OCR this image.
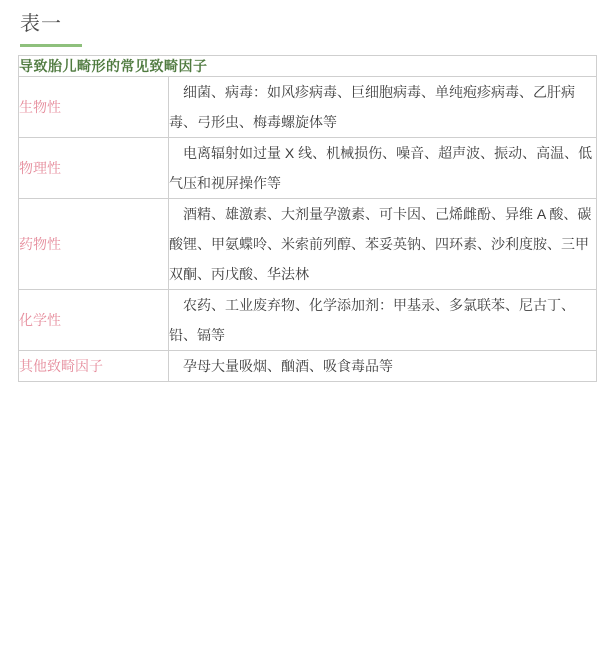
表一
导致胎儿畸形的常见致畸因子	
生物性	细菌、病毒：如风疹病毒、巨细胞病毒、单纯疱疹病毒、乙肝病毒、弓形虫、梅毒螺旋体等
物理性	电离辐射如过量 X 线、机械损伤、噪音、超声波、振动、高温、低气压和视屏操作等
药物性	酒精、雄激素、大剂量孕激素、可卡因、己烯雌酚、异维 A 酸、碳酸锂、甲氨蝶呤、米索前列醇、苯妥英钠、四环素、沙利度胺、三甲双酮、丙戊酸、华法林
化学性	农药、工业废弃物、化学添加剂：甲基汞、多氯联苯、尼古丁、铅、镉等
其他致畸因子	孕母大量吸烟、酗酒、吸食毒品等
